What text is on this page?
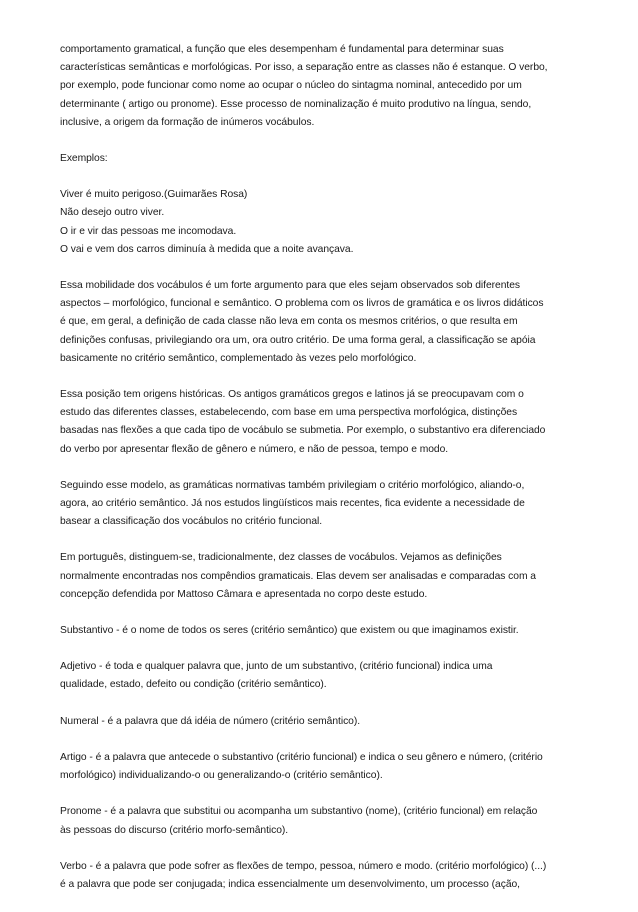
comportamento gramatical, a função que eles desempenham é fundamental para determinar suas
características semânticas e morfológicas. Por isso, a separação entre as classes não é estanque. O verbo,
por exemplo, pode funcionar como nome ao ocupar o núcleo do sintagma nominal, antecedido por um
determinante ( artigo ou pronome). Esse processo de nominalização é muito produtivo na língua, sendo,
inclusive, a origem da formação de inúmeros vocábulos.

Exemplos:

Viver é muito perigoso.(Guimarães Rosa)
Não desejo outro viver.
O ir e vir das pessoas me incomodava.
O vai e vem dos carros diminuía à medida que a noite avançava.

Essa mobilidade dos vocábulos é um forte argumento para que eles sejam observados sob diferentes
aspectos – morfológico, funcional e semântico. O problema com os livros de gramática e os livros didáticos
é que, em geral, a definição de cada classe não leva em conta os mesmos critérios, o que resulta em
definições confusas, privilegiando ora um, ora outro critério. De uma forma geral, a classificação se apóia
basicamente no critério semântico, complementado às vezes pelo morfológico.

Essa posição tem origens históricas. Os antigos gramáticos gregos e latinos já se preocupavam com o
estudo das diferentes classes, estabelecendo, com base em uma perspectiva morfológica, distinções
basadas nas flexões a que cada tipo de vocábulo se submetia. Por exemplo, o substantivo era diferenciado
do verbo por apresentar flexão de gênero e número, e não de pessoa, tempo e modo.

Seguindo esse modelo, as gramáticas normativas também privilegiam o critério morfológico, aliando-o,
agora, ao critério semântico. Já nos estudos lingüísticos mais recentes, fica evidente a necessidade de
basear a classificação dos vocábulos no critério funcional.

Em português, distinguem-se, tradicionalmente, dez classes de vocábulos. Vejamos as definições
normalmente encontradas nos compêndios gramaticais. Elas devem ser analisadas e comparadas com a
concepção defendida por Mattoso Câmara e apresentada no corpo deste estudo.

Substantivo - é o nome de todos os seres (critério semântico) que existem ou que imaginamos existir.

Adjetivo - é toda e qualquer palavra que, junto de um substantivo, (critério funcional) indica uma
qualidade, estado, defeito ou condição (critério semântico).

Numeral - é a palavra que dá idéia de número (critério semântico).

Artigo - é a palavra que antecede o substantivo (critério funcional) e indica o seu gênero e número, (critério
morfológico) individualizando-o ou generalizando-o (critério semântico).

Pronome - é a palavra que substitui ou acompanha um substantivo (nome), (critério funcional) em relação
às pessoas do discurso (critério morfo-semântico).

Verbo - é a palavra que pode sofrer as flexões de tempo, pessoa, número e modo. (critério morfológico) (...)
é a palavra que pode ser conjugada; indica essencialmente um desenvolvimento, um processo (ação,
